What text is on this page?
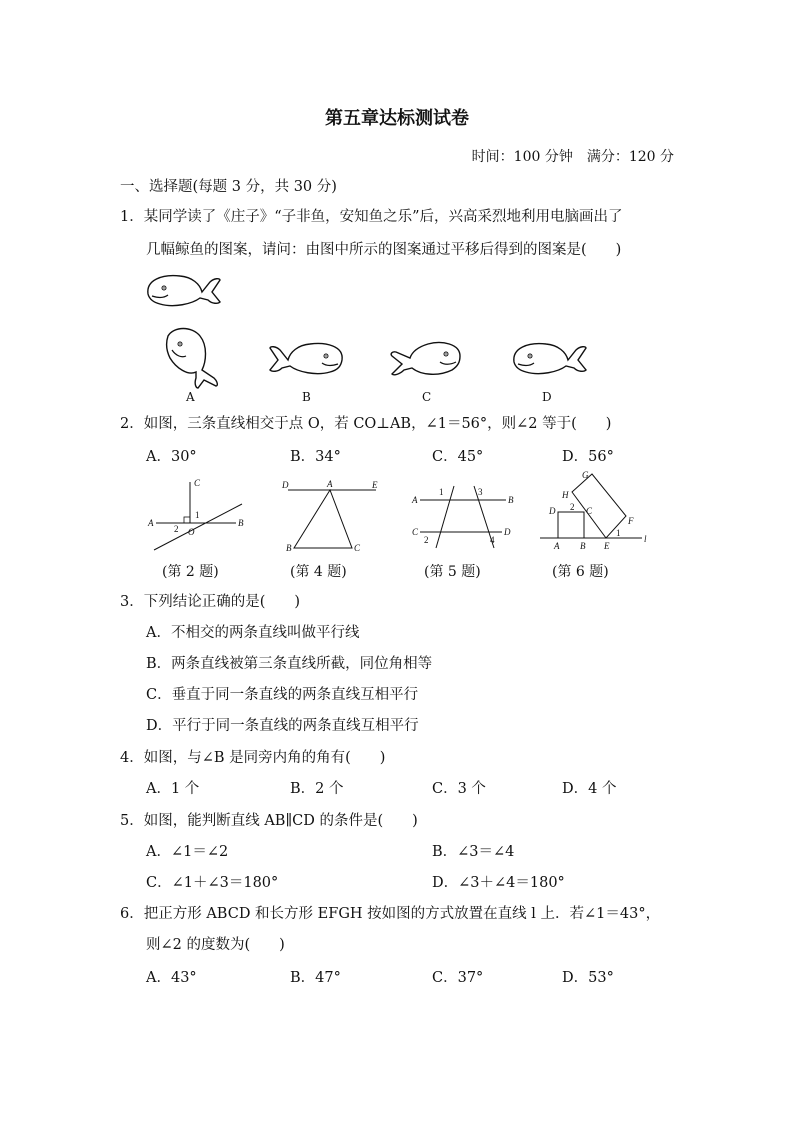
第五章达标测试卷
时间：100 分钟　满分：120 分
一、选择题(每题 3 分，共 30 分)
1．某同学读了《庄子》“子非鱼，安知鱼之乐”后，兴高采烈地利用电脑画出了
几幅鲸鱼的图案，请问：由图中所示的图案通过平移后得到的图案是(　　)
A	B	C	D
2．如图，三条直线相交于点 O，若 CO⊥AB，∠1＝56°，则∠2 等于(　　)
A．30°	B．34°	C．45°	D．56°
C
A	B
O
1
2
(第 2 题)
D	A	E
B	C
(第 4 题)
A	B
C	D
1	3
2	4
(第 5 题)
G
H
D	C
F
A B E
l
2
1
(第 6 题)
3．下列结论正确的是(　　)
A．不相交的两条直线叫做平行线
B．两条直线被第三条直线所截，同位角相等
C．垂直于同一条直线的两条直线互相平行
D．平行于同一条直线的两条直线互相平行
4．如图，与∠B 是同旁内角的角有(　　)
A．1 个	B．2 个	C．3 个	D．4 个
5．如图，能判断直线 AB∥CD 的条件是(　　)
A．∠1＝∠2	B．∠3＝∠4
C．∠1＋∠3＝180°	D．∠3＋∠4＝180°
6．把正方形 ABCD 和长方形 EFGH 按如图的方式放置在直线 l 上．若∠1＝43°，
则∠2 的度数为(　　)
A．43°	B．47°	C．37°	D．53°
